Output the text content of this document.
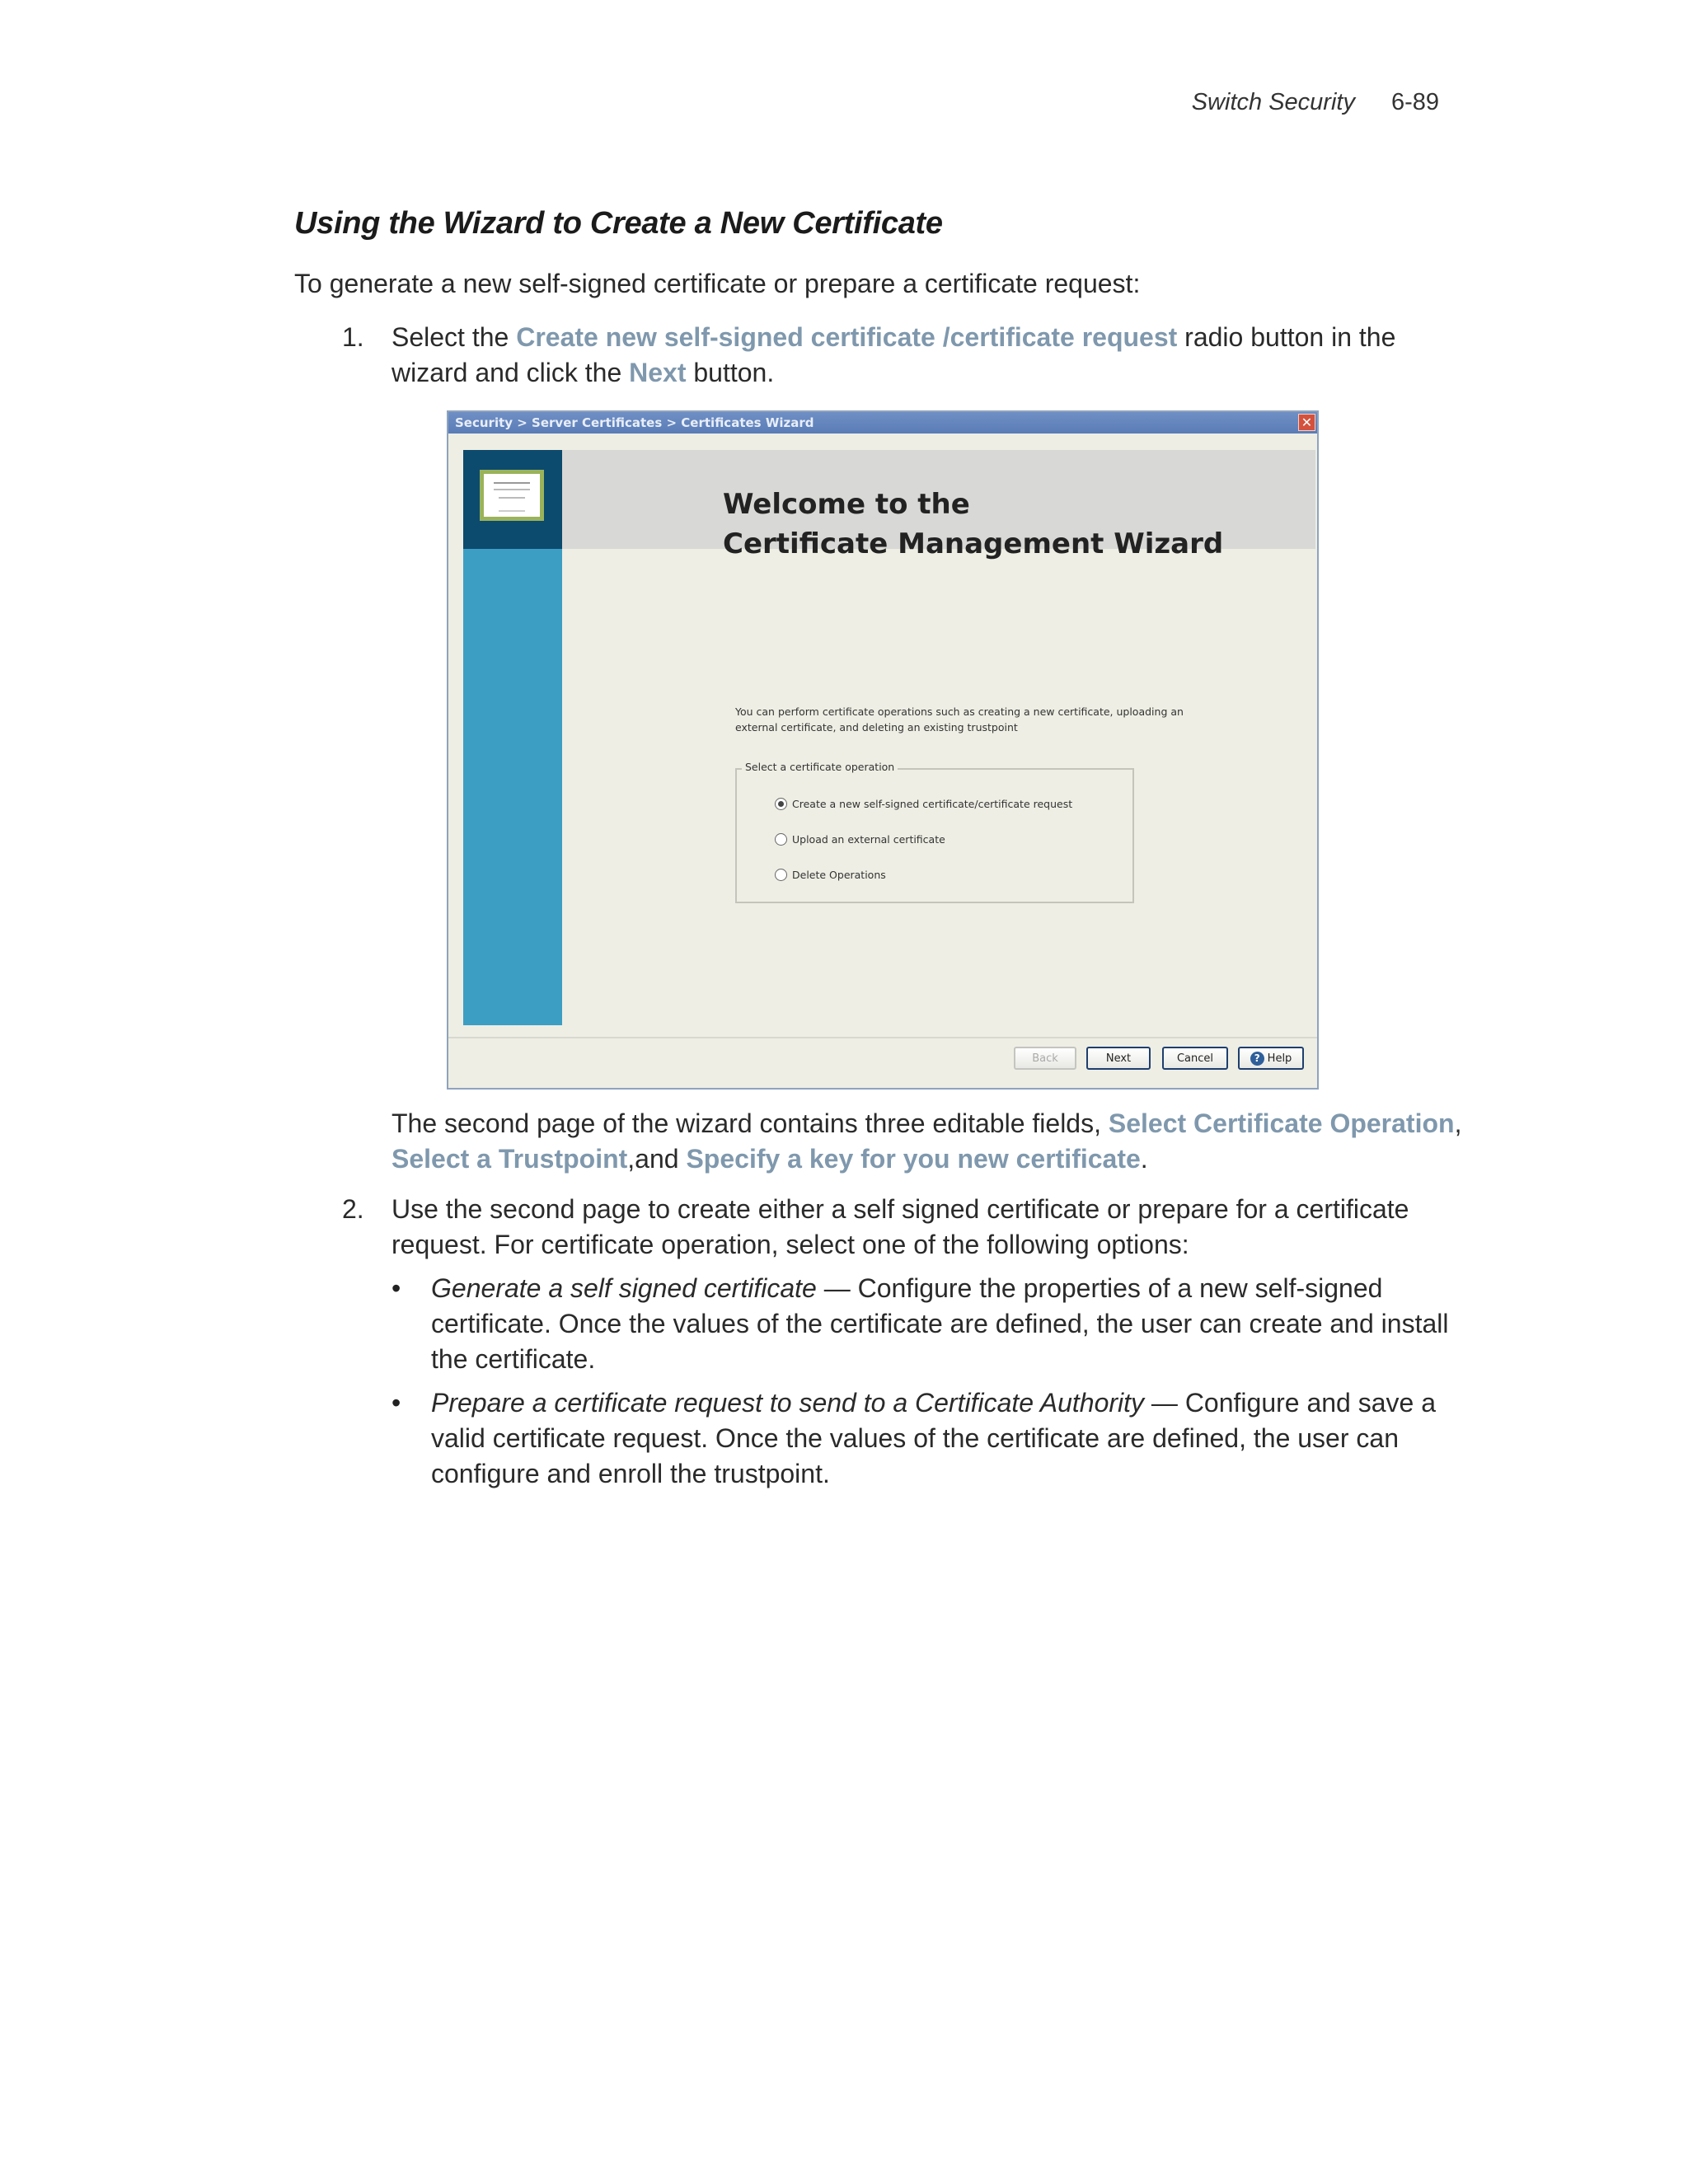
Switch Security 6-89
Using the Wizard to Create a New Certificate

To generate a new self-signed certificate or prepare a certificate request:

1. Select the Create new self-signed certificate /certificate request radio button in the wizard and click the Next button.

Security > Server Certificates > Certificates Wizard	✕
Welcome to the
Certificate Management Wizard
You can perform certificate operations such as creating a new certificate, uploading an external certificate, and deleting an existing trustpoint
Select a certificate operation
Create a new self-signed certificate/certificate request
Upload an external certificate
Delete Operations
Back	Next	Cancel	? Help

The second page of the wizard contains three editable fields, Select Certificate Operation, Select a Trustpoint,and Specify a key for you new certificate.

2. Use the second page to create either a self signed certificate or prepare for a certificate request. For certificate operation, select one of the following options:

• Generate a self signed certificate — Configure the properties of a new self-signed certificate. Once the values of the certificate are defined, the user can create and install the certificate.

• Prepare a certificate request to send to a Certificate Authority — Configure and save a valid certificate request. Once the values of the certificate are defined, the user can configure and enroll the trustpoint.
